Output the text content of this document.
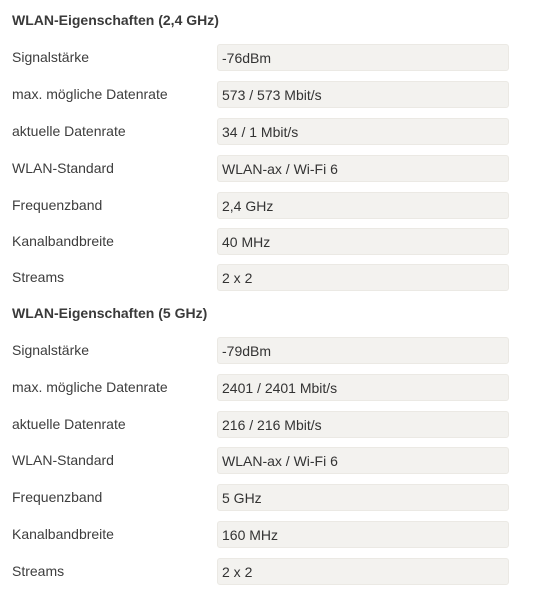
WLAN-Eigenschaften (2,4 GHz)
Signalstärke	-76dBm
max. mögliche Datenrate	573 / 573 Mbit/s
aktuelle Datenrate	34 / 1 Mbit/s
WLAN-Standard	WLAN-ax / Wi-Fi 6
Frequenzband	2,4 GHz
Kanalbandbreite	40 MHz
Streams	2 x 2
WLAN-Eigenschaften (5 GHz)
Signalstärke	-79dBm
max. mögliche Datenrate	2401 / 2401 Mbit/s
aktuelle Datenrate	216 / 216 Mbit/s
WLAN-Standard	WLAN-ax / Wi-Fi 6
Frequenzband	5 GHz
Kanalbandbreite	160 MHz
Streams	2 x 2
